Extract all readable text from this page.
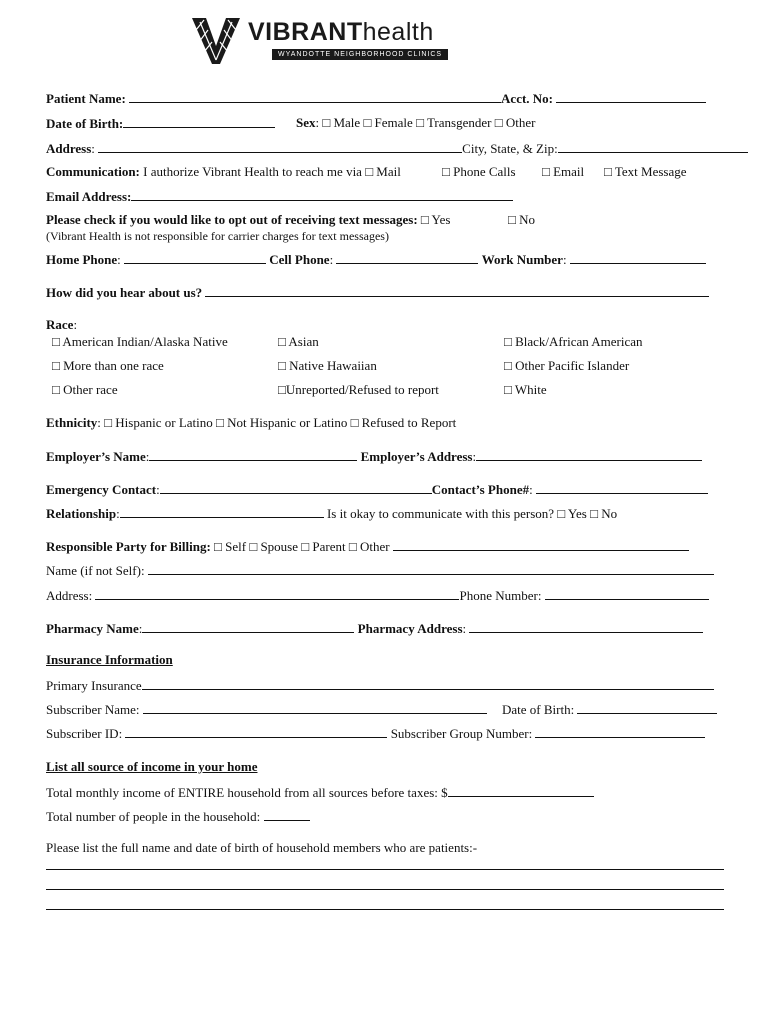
VIBRANThealth
WYANDOTTE NEIGHBORHOOD CLINICS
Patient Name:	Acct. No:
Date of Birth:	Sex: □ Male □ Female □ Transgender □ Other
Address:	City, State, & Zip:
Communication: I authorize Vibrant Health to reach me via □ Mail	□ Phone Calls □ Email □ Text Message
Email Address:
Please check if you would like to opt out of receiving text messages: □ Yes	□ No
(Vibrant Health is not responsible for carrier charges for text messages)
Home Phone:	Cell Phone:	Work Number:
How did you hear about us?
Race:
□ American Indian/Alaska Native	□ Asian	□ Black/African American
□ More than one race	□ Native Hawaiian	□ Other Pacific Islander
□ Other race	□Unreported/Refused to report	□ White
Ethnicity: □ Hispanic or Latino □ Not Hispanic or Latino □ Refused to Report
Employer’s Name:	Employer’s Address:
Emergency Contact:	Contact’s Phone#:
Relationship:	Is it okay to communicate with this person? □ Yes □ No
Responsible Party for Billing: □ Self □ Spouse □ Parent □ Other
Name (if not Self):
Address:	Phone Number:
Pharmacy Name:	Pharmacy Address:
Insurance Information
Primary Insurance
Subscriber Name:	Date of Birth:
Subscriber ID:	Subscriber Group Number:
List all source of income in your home
Total monthly income of ENTIRE household from all sources before taxes: $
Total number of people in the household:
Please list the full name and date of birth of household members who are patients:-
